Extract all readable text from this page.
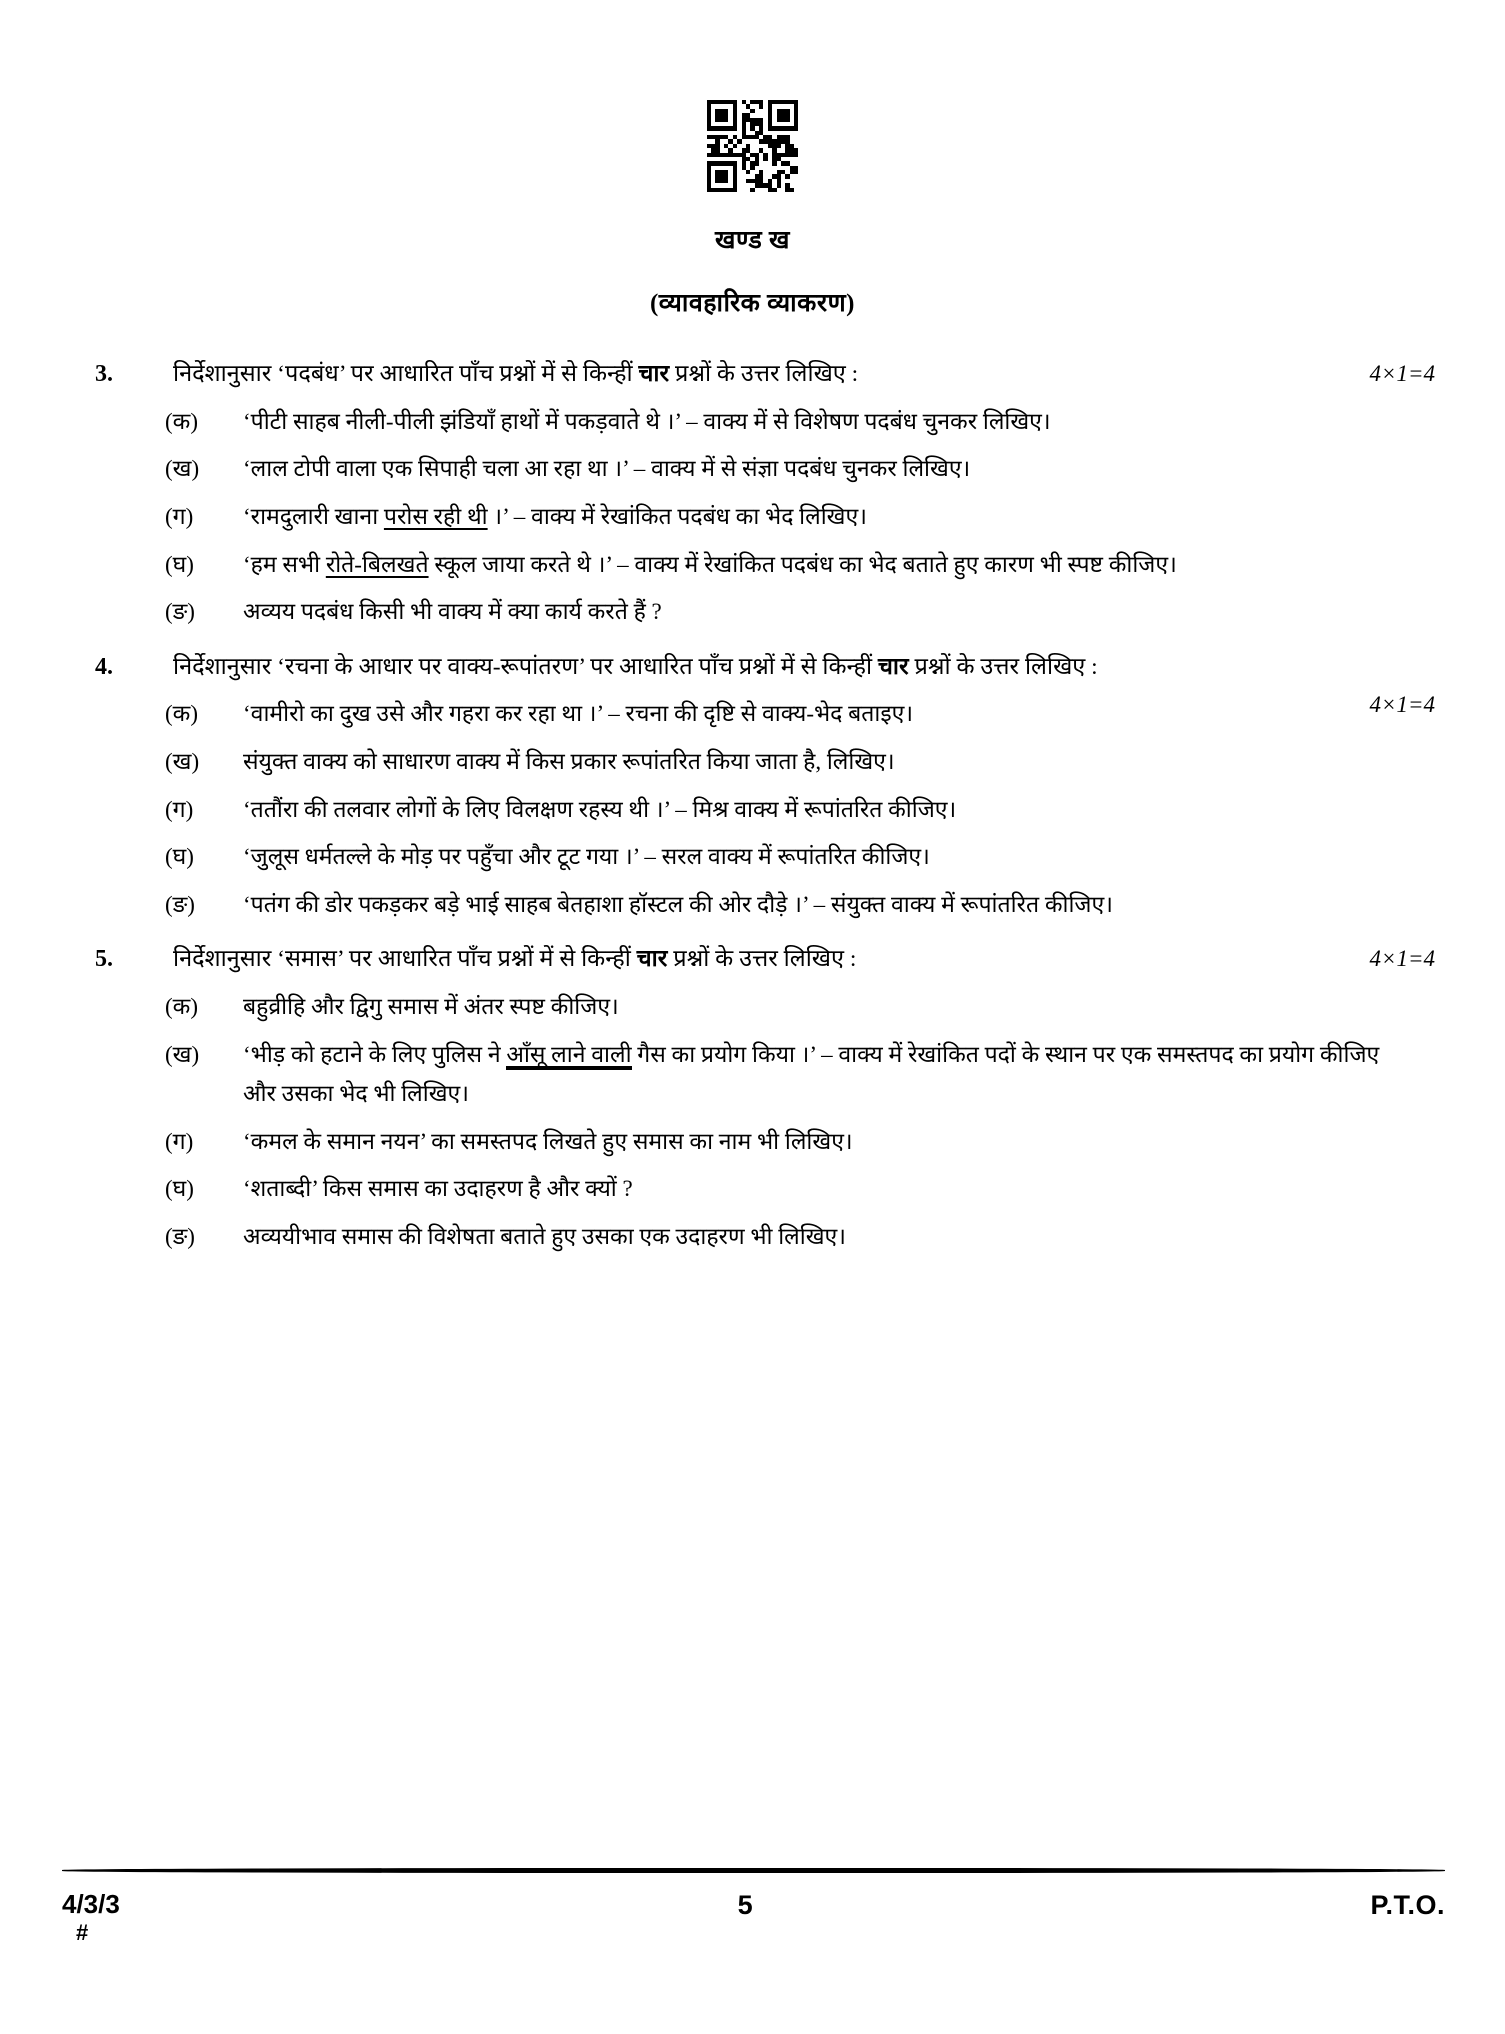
खण्ड ख
(व्यावहारिक व्याकरण)
3.	निर्देशानुसार ‘पदबंध’ पर आधारित पाँच प्रश्नों में से किन्हीं चार प्रश्नों के उत्तर लिखिए :	4×1=4
(क)	‘पीटी साहब नीली-पीली झंडियाँ हाथों में पकड़वाते थे ।’ – वाक्य में से विशेषण पदबंध चुनकर लिखिए।
(ख)	‘लाल टोपी वाला एक सिपाही चला आ रहा था ।’ – वाक्य में से संज्ञा पदबंध चुनकर लिखिए।
(ग)	‘रामदुलारी खाना परोस रही थी ।’ – वाक्य में रेखांकित पदबंध का भेद लिखिए।
(घ)	‘हम सभी रोते-बिलखते स्कूल जाया करते थे ।’ – वाक्य में रेखांकित पदबंध का भेद बताते हुए कारण भी स्पष्ट कीजिए।
(ङ)	अव्यय पदबंध किसी भी वाक्य में क्या कार्य करते हैं ?
4.	निर्देशानुसार ‘रचना के आधार पर वाक्य-रूपांतरण’ पर आधारित पाँच प्रश्नों में से किन्हीं चार प्रश्नों के उत्तर लिखिए :
4×1=4
(क)	‘वामीरो का दुख उसे और गहरा कर रहा था ।’ – रचना की दृष्टि से वाक्य-भेद बताइए।
(ख)	संयुक्त वाक्य को साधारण वाक्य में किस प्रकार रूपांतरित किया जाता है, लिखिए।
(ग)	‘ततौंरा की तलवार लोगों के लिए विलक्षण रहस्य थी ।’ – मिश्र वाक्य में रूपांतरित कीजिए।
(घ)	‘जुलूस धर्मतल्ले के मोड़ पर पहुँचा और टूट गया ।’ – सरल वाक्य में रूपांतरित कीजिए।
(ङ)	‘पतंग की डोर पकड़कर बड़े भाई साहब बेतहाशा हॉस्टल की ओर दौड़े ।’ – संयुक्त वाक्य में रूपांतरित कीजिए।
5.	निर्देशानुसार ‘समास’ पर आधारित पाँच प्रश्नों में से किन्हीं चार प्रश्नों के उत्तर लिखिए :	4×1=4
(क)	बहुव्रीहि और द्विगु समास में अंतर स्पष्ट कीजिए।
(ख)	‘भीड़ को हटाने के लिए पुलिस ने आँसू लाने वाली गैस का प्रयोग किया ।’ – वाक्य में रेखांकित पदों के स्थान पर एक समस्तपद का प्रयोग कीजिए और उसका भेद भी लिखिए।
(ग)	‘कमल के समान नयन’ का समस्तपद लिखते हुए समास का नाम भी लिखिए।
(घ)	‘शताब्दी’ किस समास का उदाहरण है और क्यों ?
(ङ)	अव्ययीभाव समास की विशेषता बताते हुए उसका एक उदाहरण भी लिखिए।
4/3/3
#
5	P.T.O.
